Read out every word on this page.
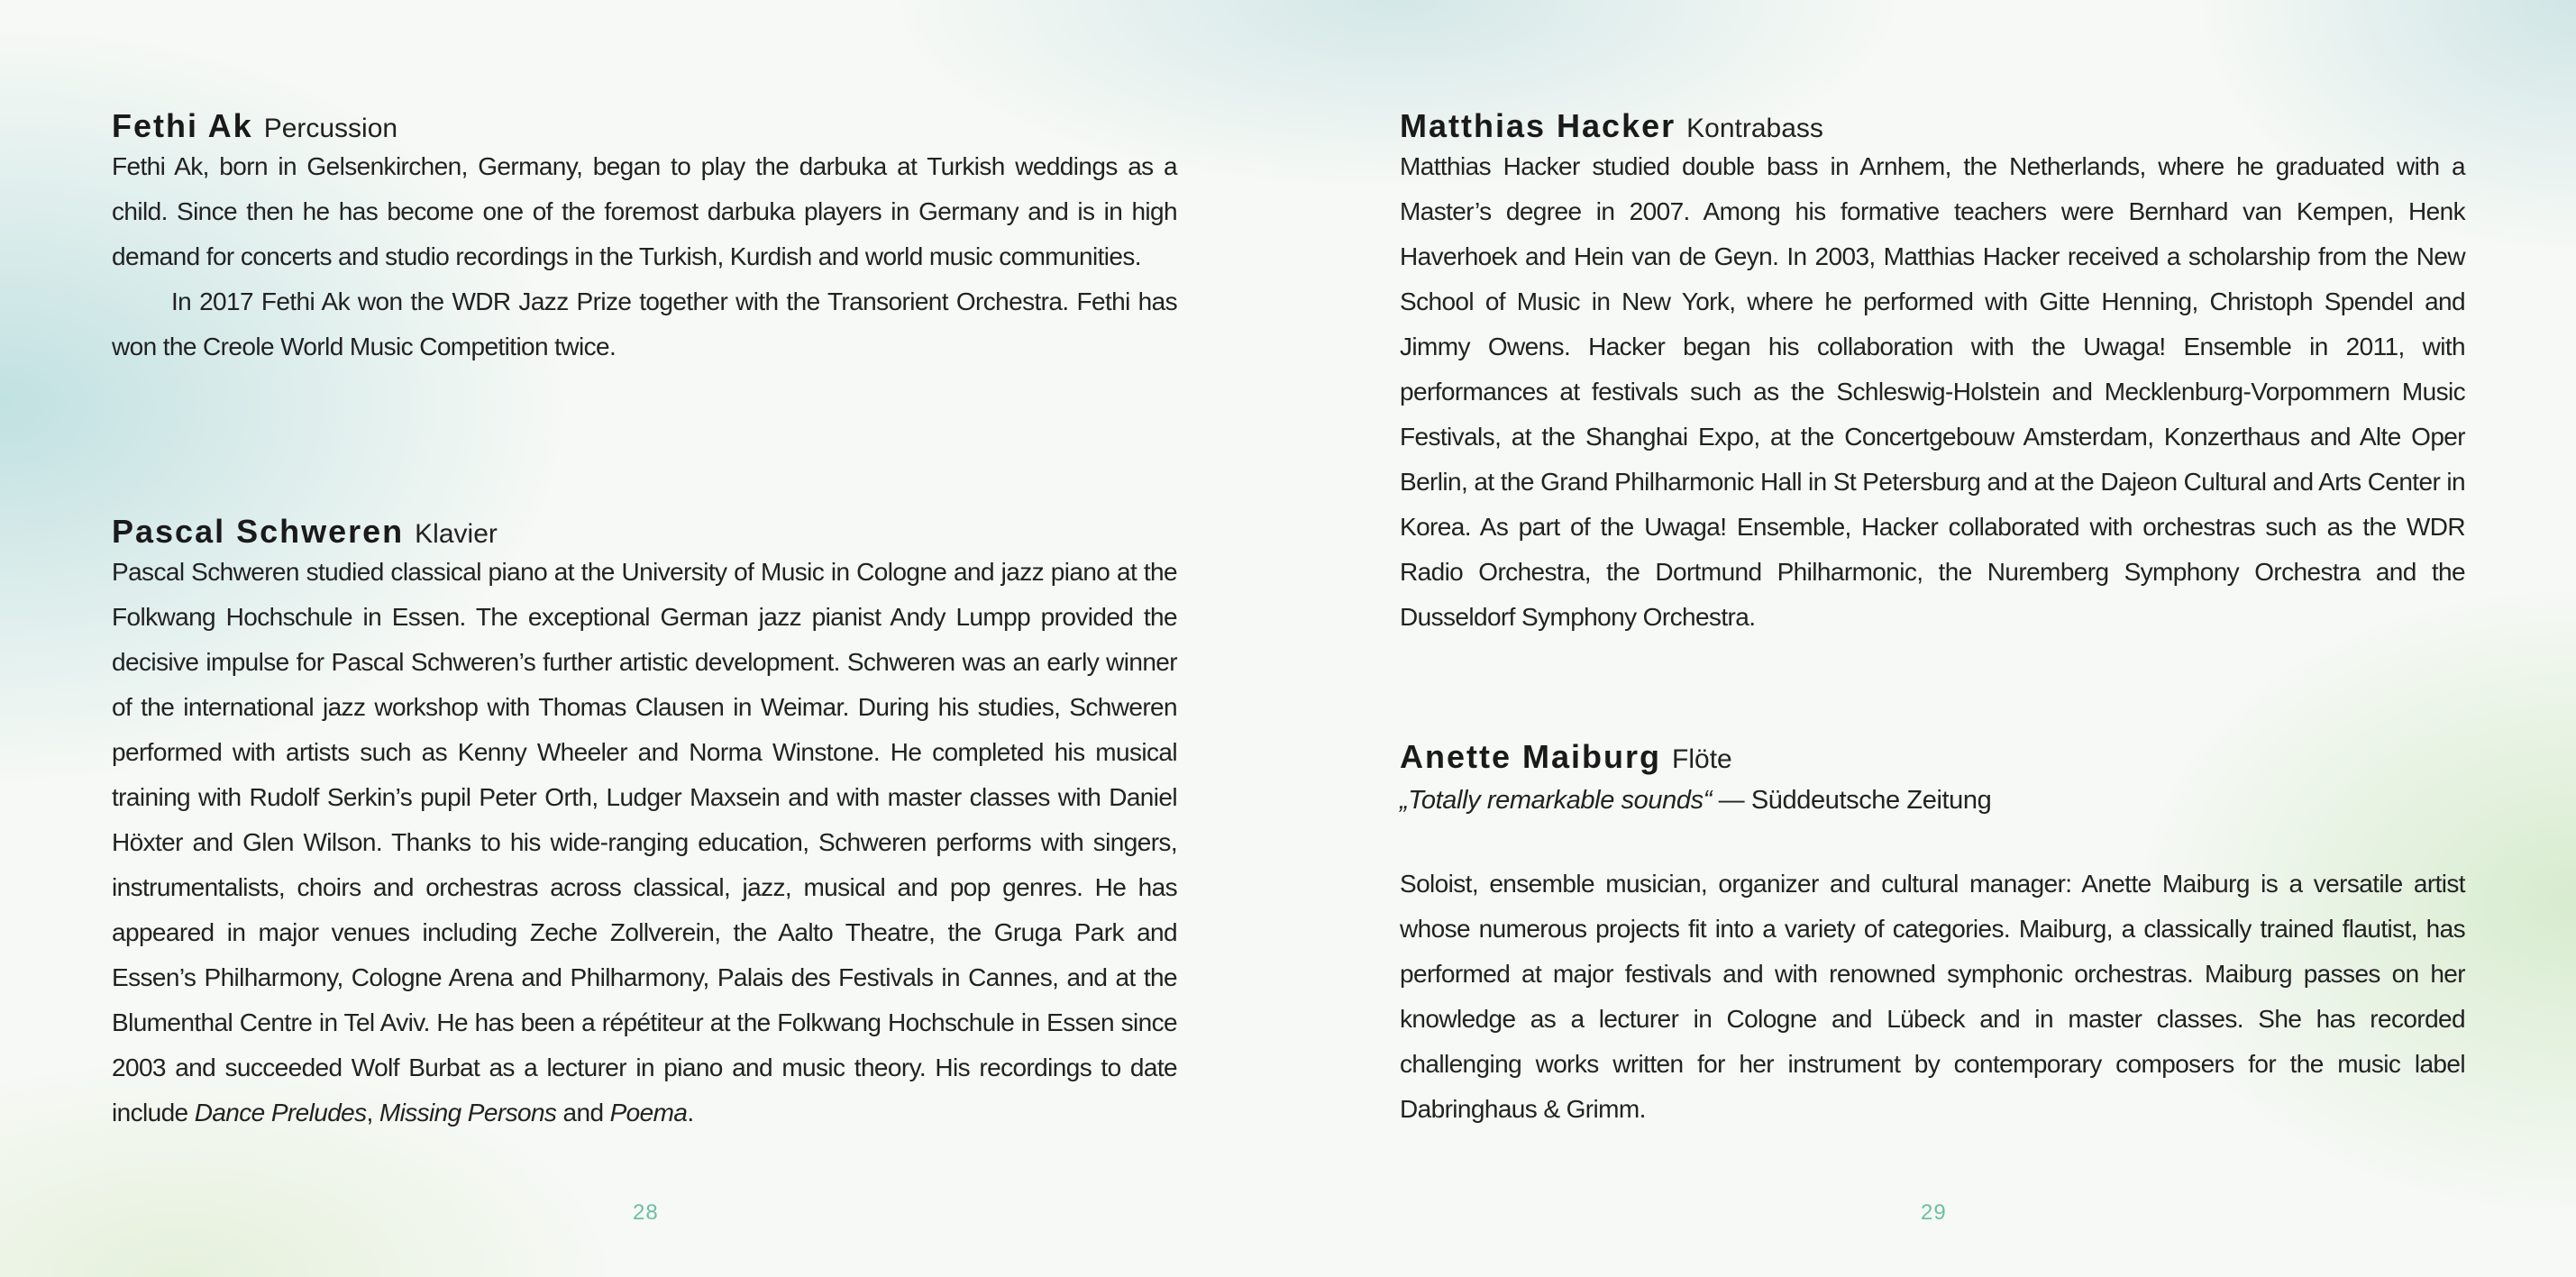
Fethi Ak Percussion

Fethi Ak, born in Gelsenkirchen, Germany, began to play the darbuka at Turkish weddings as a child. Since then he has become one of the foremost darbuka players in Germany and is in high demand for concerts and studio recordings in the Turkish, Kurdish and world music communities.

In 2017 Fethi Ak won the WDR Jazz Prize together with the Transorient Orchestra. Fethi has won the Creole World Music Competition twice.

Pascal Schweren Klavier

Pascal Schweren studied classical piano at the University of Music in Cologne and jazz piano at the Folkwang Hochschule in Essen. The exceptional German jazz pianist Andy Lumpp provided the decisive impulse for Pascal Schweren’s further artistic development. Schweren was an early winner of the international jazz workshop with Thomas Clausen in Weimar. During his studies, Schweren performed with artists such as Kenny Wheeler and Norma Winstone. He completed his musical training with Rudolf Serkin’s pupil Peter Orth, Ludger Maxsein and with master classes with Daniel Höxter and Glen Wilson. Thanks to his wide-ranging education, Schweren performs with singers, instrumentalists, choirs and orchestras across classical, jazz, musical and pop genres. He has appeared in major venues including Zeche Zollverein, the Aalto Theatre, the Gruga Park and Essen’s Philharmony, Cologne Arena and Philharmony, Palais des Festivals in Cannes, and at the Blumenthal Centre in Tel Aviv. He has been a répétiteur at the Folkwang Hochschule in Essen since 2003 and succeeded Wolf Burbat as a lecturer in piano and music theory. His recordings to date include Dance Preludes, Missing Persons and Poema.

28
Matthias Hacker Kontrabass

Matthias Hacker studied double bass in Arnhem, the Netherlands, where he graduated with a Master’s degree in 2007. Among his formative teachers were Bernhard van Kempen, Henk Haverhoek and Hein van de Geyn. In 2003, Matthias Hacker received a scholarship from the New School of Music in New York, where he performed with Gitte Henning, Christoph Spendel and Jimmy Owens. Hacker began his collaboration with the Uwaga! Ensemble in 2011, with performances at festivals such as the Schleswig-Holstein and Mecklenburg-Vorpommern Music Festivals, at the Shanghai Expo, at the Concertgebouw Amsterdam, Konzerthaus and Alte Oper Berlin, at the Grand Philharmonic Hall in St Petersburg and at the Dajeon Cultural and Arts Center in Korea. As part of the Uwaga! Ensemble, Hacker collaborated with orchestras such as the WDR Radio Orchestra, the Dortmund Philharmonic, the Nuremberg Symphony Orchestra and the Dusseldorf Symphony Orchestra.

Anette Maiburg Flöte

„Totally remarkable sounds“ — Süddeutsche Zeitung

Soloist, ensemble musician, organizer and cultural manager: Anette Maiburg is a versatile artist whose numerous projects fit into a variety of categories. Maiburg, a classically trained flautist, has performed at major festivals and with renowned symphonic orchestras. Maiburg passes on her knowledge as a lecturer in Cologne and Lübeck and in master classes. She has recorded challenging works written for her instrument by contemporary composers for the music label Dabringhaus & Grimm.

29
